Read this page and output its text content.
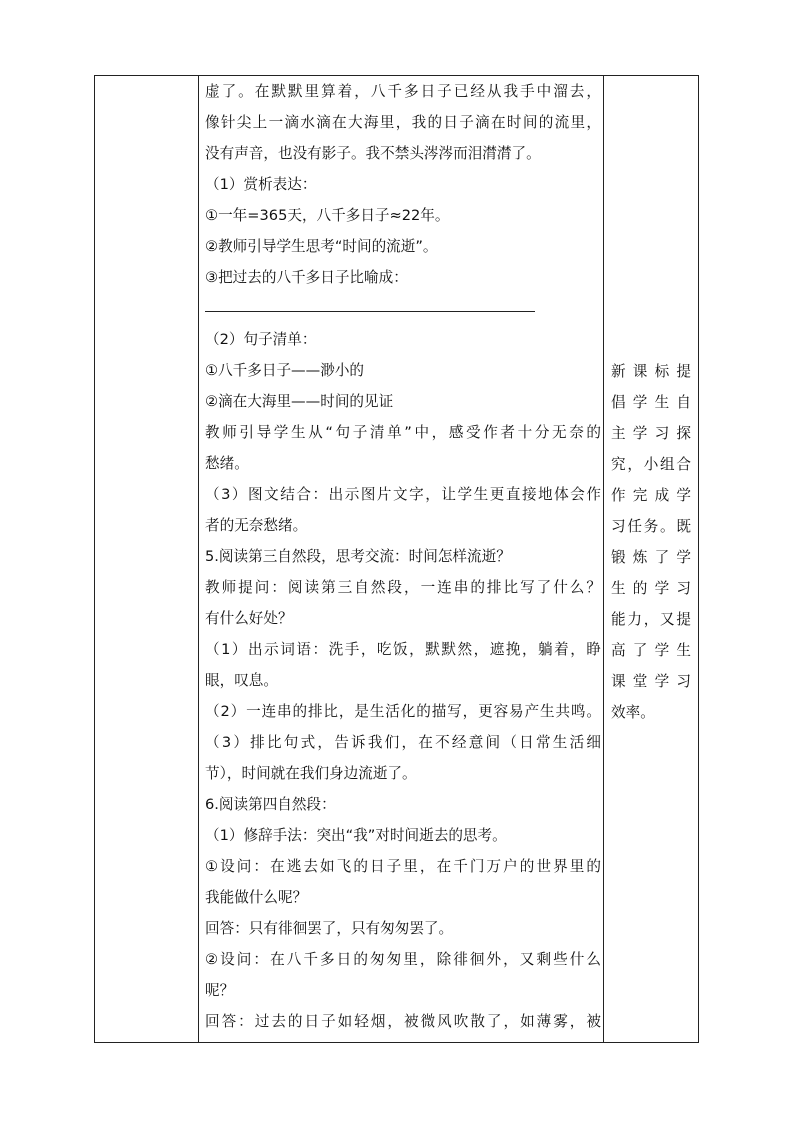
虚了。在默默里算着，八千多日子已经从我手中溜去，
像针尖上一滴水滴在大海里，我的日子滴在时间的流里，
没有声音，也没有影子。我不禁头涔涔而泪潸潸了。
（1）赏析表达：
①一年=365天，八千多日子≈22年。
②教师引导学生思考“时间的流逝”。
③把过去的八千多日子比喻成：
（2）句子清单：
①八千多日子——渺小的
②滴在大海里——时间的见证
教师引导学生从“句子清单”中，感受作者十分无奈的
愁绪。
（3）图文结合：出示图片文字，让学生更直接地体会作
者的无奈愁绪。
5.阅读第三自然段，思考交流：时间怎样流逝？
教师提问：阅读第三自然段，一连串的排比写了什么？
有什么好处？
（1）出示词语：洗手，吃饭，默默然，遮挽，躺着，睁
眼，叹息。
（2）一连串的排比，是生活化的描写，更容易产生共鸣。
（3）排比句式，告诉我们，在不经意间（日常生活细
节），时间就在我们身边流逝了。
6.阅读第四自然段：
（1）修辞手法：突出“我”对时间逝去的思考。
①设问：在逃去如飞的日子里，在千门万户的世界里的
我能做什么呢？
回答：只有徘徊罢了，只有匆匆罢了。
②设问：在八千多日的匆匆里，除徘徊外，又剩些什么
呢？
回答：过去的日子如轻烟，被微风吹散了，如薄雾，被
新课标提
倡学生自
主学习探
究，小组合
作完成学
习任务。既
锻炼了学
生的学习
能力，又提
高了学生
课堂学习
效率。
